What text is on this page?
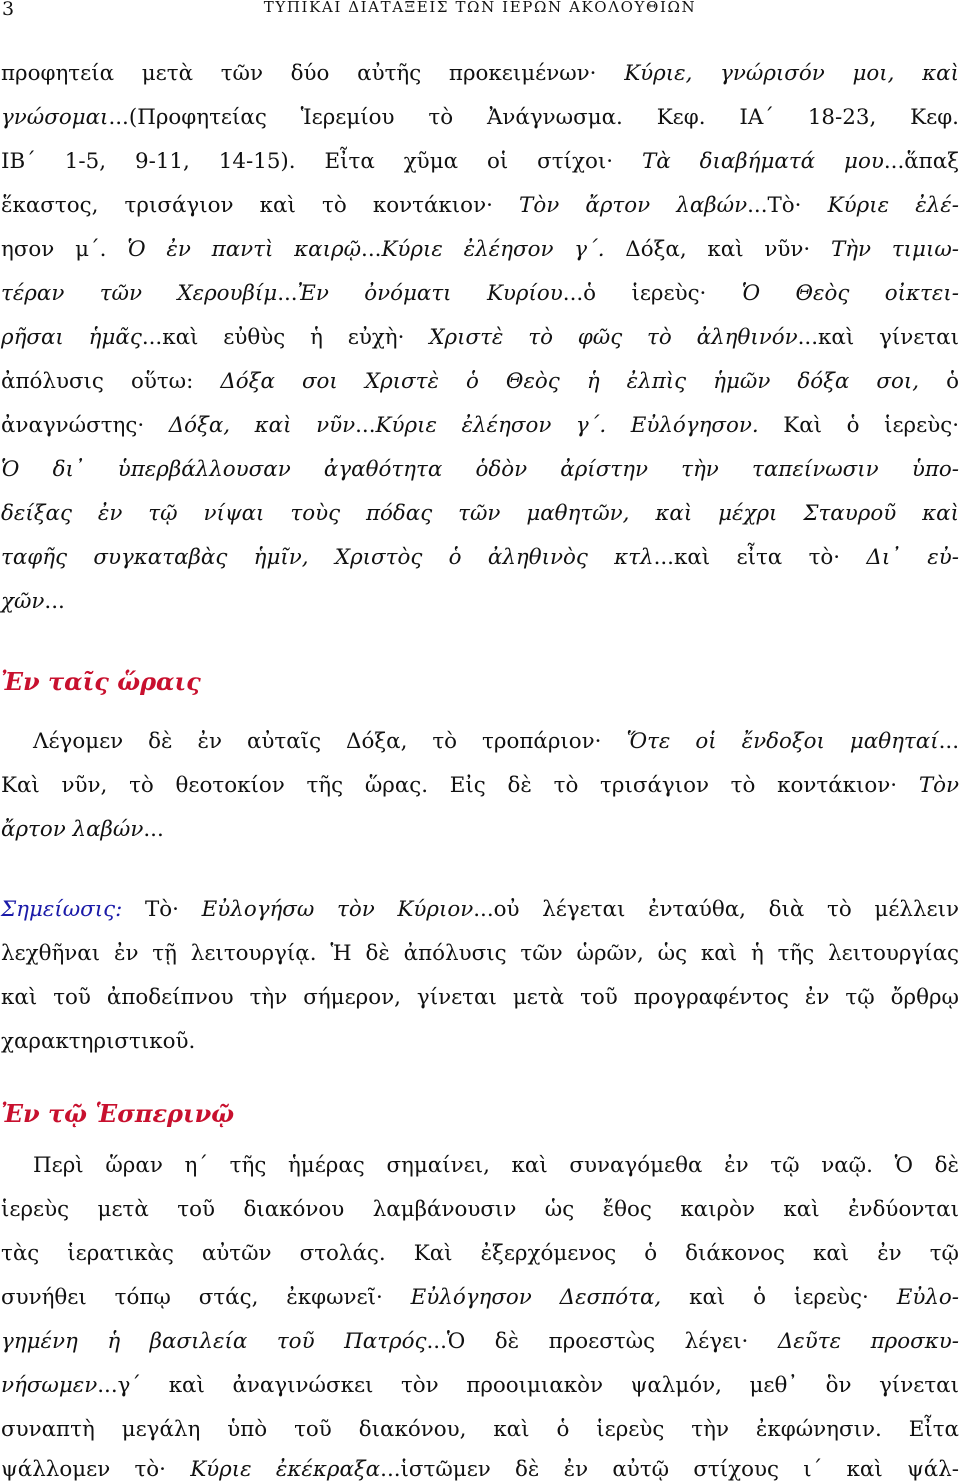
3	ΤΥΠΙΚΑΙ ΔΙΑΤΑΞΕΙΣ ΤΩΝ ΙΕΡΩΝ ΑΚΟΛΟΥΘΙΩΝ
προφητεία μετὰ τῶν δύο αὐτῆς προκειμένων· Κύριε, γνώρισόν μοι, καὶ
γνώσομαι...(Προφητείας Ἱερεμίου τὸ Ἀνάγνωσμα. Κεφ. ΙΑ΄ 18-23, Κεφ.
ΙΒ΄ 1-5, 9-11, 14-15). Εἶτα χῦμα οἱ στίχοι· Τὰ διαβήματά μου...ἅπαξ
ἕκαστος, τρισάγιον καὶ τὸ κοντάκιον· Τὸν ἄρτον λαβών...Τὸ· Κύριε ἐλέ-
ησον μ΄. Ὁ ἐν παντὶ καιρῷ...Κύριε ἐλέησον γ΄. Δόξα, καὶ νῦν· Τὴν τιμιω-
τέραν τῶν Χερουβίμ...Ἐν ὀνόματι Κυρίου...ὁ ἱερεὺς· Ὁ Θεὸς οἰκτει-
ρῆσαι ἡμᾶς...καὶ εὐθὺς ἡ εὐχὴ· Χριστὲ τὸ φῶς τὸ ἀληθινόν...καὶ γίνεται
ἀπόλυσις οὕτω: Δόξα σοι Χριστὲ ὁ Θεὸς ἡ ἐλπὶς ἡμῶν δόξα σοι, ὁ
ἀναγνώστης· Δόξα, καὶ νῦν...Κύριε ἐλέησον γ΄. Εὐλόγησον. Καὶ ὁ ἱερεὺς·
Ὁ δι᾽ ὑπερβάλλουσαν ἀγαθότητα ὁδὸν ἀρίστην τὴν ταπείνωσιν ὑπο-
δείξας ἐν τῷ νίψαι τοὺς πόδας τῶν μαθητῶν, καὶ μέχρι Σταυροῦ καὶ
ταφῆς συγκαταβὰς ἡμῖν, Χριστὸς ὁ ἀληθινὸς κτλ...καὶ εἶτα τὸ· Δι᾽ εὐ-
χῶν...
Ἐν ταῖς ὥραις
Λέγομεν δὲ ἐν αὐταῖς Δόξα, τὸ τροπάριον· Ὅτε οἱ ἔνδοξοι μαθηταί...
Καὶ νῦν, τὸ θεοτοκίον τῆς ὥρας. Εἰς δὲ τὸ τρισάγιον τὸ κοντάκιον· Τὸν
ἄρτον λαβών...
Σημείωσις: Τὸ· Εὐλογήσω τὸν Κύριον...οὐ λέγεται ἐνταύθα, διὰ τὸ μέλλειν
λεχθῆναι ἐν τῇ λειτουργίᾳ. Ἡ δὲ ἀπόλυσις τῶν ὡρῶν, ὡς καὶ ἡ τῆς λειτουργίας
καὶ τοῦ ἀποδείπνου τὴν σήμερον, γίνεται μετὰ τοῦ προγραφέντος ἐν τῷ ὄρθρῳ
χαρακτηριστικοῦ.
Ἐν τῷ Ἑσπερινῷ
Περὶ ὥραν η΄ τῆς ἡμέρας σημαίνει, καὶ συναγόμεθα ἐν τῷ ναῷ. Ὁ δὲ
ἱερεὺς μετὰ τοῦ διακόνου λαμβάνουσιν ὡς ἔθος καιρὸν καὶ ἐνδύονται
τὰς ἱερατικὰς αὐτῶν στολάς. Καὶ ἐξερχόμενος ὁ διάκονος καὶ ἐν τῷ
συνήθει τόπῳ στάς, ἐκφωνεῖ· Εὐλόγησον Δεσπότα, καὶ ὁ ἱερεὺς· Εὐλο-
γημένη ἡ βασιλεία τοῦ Πατρός...Ὁ δὲ προεστὼς λέγει· Δεῦτε προσκυ-
νήσωμεν...γ΄ καὶ ἀναγινώσκει τὸν προοιμιακὸν ψαλμόν, μεθ᾽ ὃν γίνεται
συναπτὴ μεγάλη ὑπὸ τοῦ διακόνου, καὶ ὁ ἱερεὺς τὴν ἐκφώνησιν. Εἶτα
ψάλλομεν τὸ· Κύριε ἐκέκραξα...ἱστῶμεν δὲ ἐν αὐτῷ στίχους ι΄ καὶ ψάλ-
